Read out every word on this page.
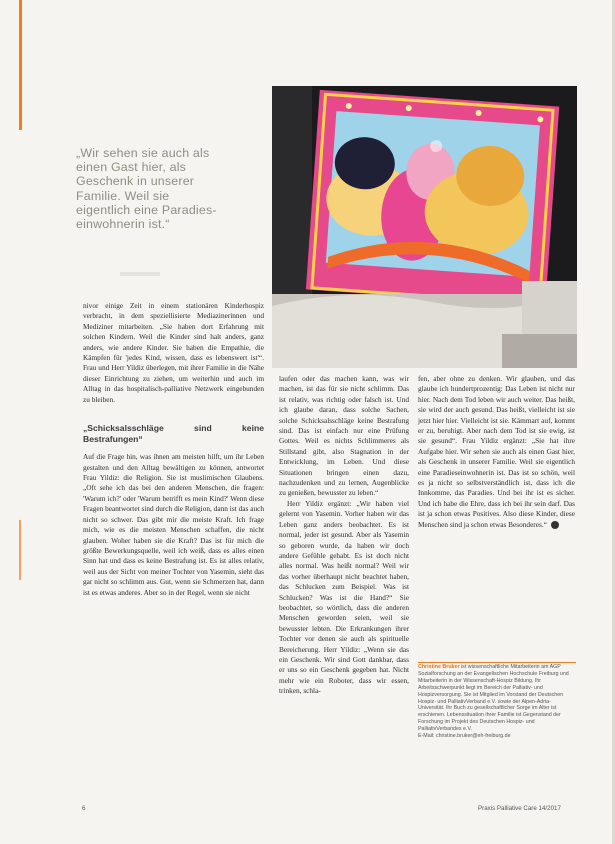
„Wir sehen sie auch als einen Gast hier, als Geschenk in unserer Familie. Weil sie eigentlich eine Paradies-einwohnerin ist.“

nivor einige Zeit in einem stationären Kinderhospiz verbracht, in dem speziellisierte Mediazinerinnen und Mediziner mitarbeiten. „Sie haben dort Erfahrung mit solchen Kindern. Weil die Kinder sind halt anders, ganz anders, wie andere Kinder. Sie haben die Empathie, die Kämpfen für 'jedes Kind, wissen, dass es lebenswert ist'“. Frau und Herr Yildiz überlegen, mit ihrer Familie in die Nähe dieser Einrichtung zu ziehen, um weiterhin und auch im Alltag in das hospitalisch-palliative Netzwerk eingebunden zu bleiben.

„Schicksalsschläge sind keine Bestrafungen“

Auf die Frage hin, was ihnen am meisten hilft, um ihr Leben gestalten und den Alltag bewältigen zu können, antwortet Frau Yildiz: die Religion. Sie ist muslimischen Glaubens. „Oft sehe ich das bei den anderen Menschen, die fragen: 'Warum ich?' oder 'Warum betrifft es mein Kind?' Wenn diese Fragen beantwortet sind durch die Religion, dann ist das auch nicht so schwer. Das gibt mir die meiste Kraft. Ich frage mich, wie es die meisten Menschen schaffen, die nicht glauben. Woher haben sie die Kraft? Das ist für mich die größte Bewerkungsquelle, weil ich weiß, dass es alles einen Sinn hat und dass es keine Bestrafung ist. Es ist alles relativ, weil aus der Sicht von meiner Tochter von Yasemin, sieht das gar nicht so schlimm aus. Gut, wenn sie Schmerzen hat, dann ist es etwas anderes. Aber so in der Regel, wenn sie nicht

laufen oder das machen kann, was wir machen, ist das für sie nicht schlimm. Das ist relativ, was richtig oder falsch ist. Und ich glaube daran, dass solche Sachen, solche Schicksalsschläge keine Bestrafung sind. Das ist einfach nur eine Prüfung Gottes. Weil es nichts Schlimmeres als Stillstand gibt, also Stagnation in der Entwicklung, im Leben. Und diese Situationen bringen einen dazu, nachzudenken und zu lernen, Augenblicke zu genießen, bewusster zu leben.“

Herr Yildiz ergänzt: „Wir haben viel gelernt von Yasemin. Vorher haben wir das Leben ganz anders beobachtet. Es ist normal, jeder ist gesund. Aber als Yasemin so geboren wurde, da haben wir doch andere Gefühle gehabt. Es ist doch nicht alles normal. Was heißt normal? Weil wir das vorher überhaupt nicht beachtet haben, das Schlucken zum Beispiel. Was ist Schlucken? Was ist die Hand?“ Sie beobachtet, so wörtlich, dass die anderen Menschen geworden seien, weil sie bewusster lebten. Die Erkrankungen ihrer Tochter vor denen sie auch als spirituelle Bereicherung. Herr Yildiz: „Wenn sie das ein Geschenk. Wir sind Gott dankbar, dass er uns so ein Geschenk gegeben hat. Nicht mehr wie ein Roboter, dass wir essen, trinken, schla-

fen, aber ohne zu denken. Wir glauben, und das glaube ich hundertprozentig: Das Leben ist nicht nur hier. Nach dem Tod leben wir auch weiter. Das heißt, sie wird der auch gesund. Das heißt, vielleicht ist sie jetzt hier hier. Vielleicht ist sie. Kämmart auf, kommt er zu, beruhigt. Aber nach dem Tod ist sie ewig, ist sie gesund“. Frau Yildiz ergänzt: „Sie hat ihre Aufgabe hier. Wir sehen sie auch als einen Gast hier, als Geschenk in unserer Familie. Weil sie eigentlich eine Paradieseinwohnerin ist. Das ist so schön, weil es ja nicht so selbstverständlich ist, dass ich die Innkomme, das Paradies. Und bei ihr ist es sicher. Und ich habe die Ehre, dass ich bei ihr sein darf. Das ist ja schon etwas Positives. Also diese Kinder, diese Menschen sind ja schon etwas Besonderes.“

Christine Bruker ist wissenschaftliche Mitarbeiterin am AGP Sozialforschung an der Evangelischen Hochschule Freiburg und Mitarbeiterin in der Wissenschaft-Hospiz Bildung. Ihr Arbeitsschwerpunkt liegt im Bereich der Palliativ- und Hospizversorgung. Sie ist Mitglied im Vorstand der Deutschen Hospiz- und PalliativVerband e.V. sowie der Alpen-Adria-Universität. Ihr Buch zu gesellschaftlicher Sorge im Alter ist erschienen. Lebenssituation ihrer Familie ist Gegenstand der Forschung im Projekt des Deutschen Hospiz- und PalliativVerbandes e.V.
E-Mail: christine.bruker@eh-freiburg.de
6	Praxis Palliative Care 14/2017
